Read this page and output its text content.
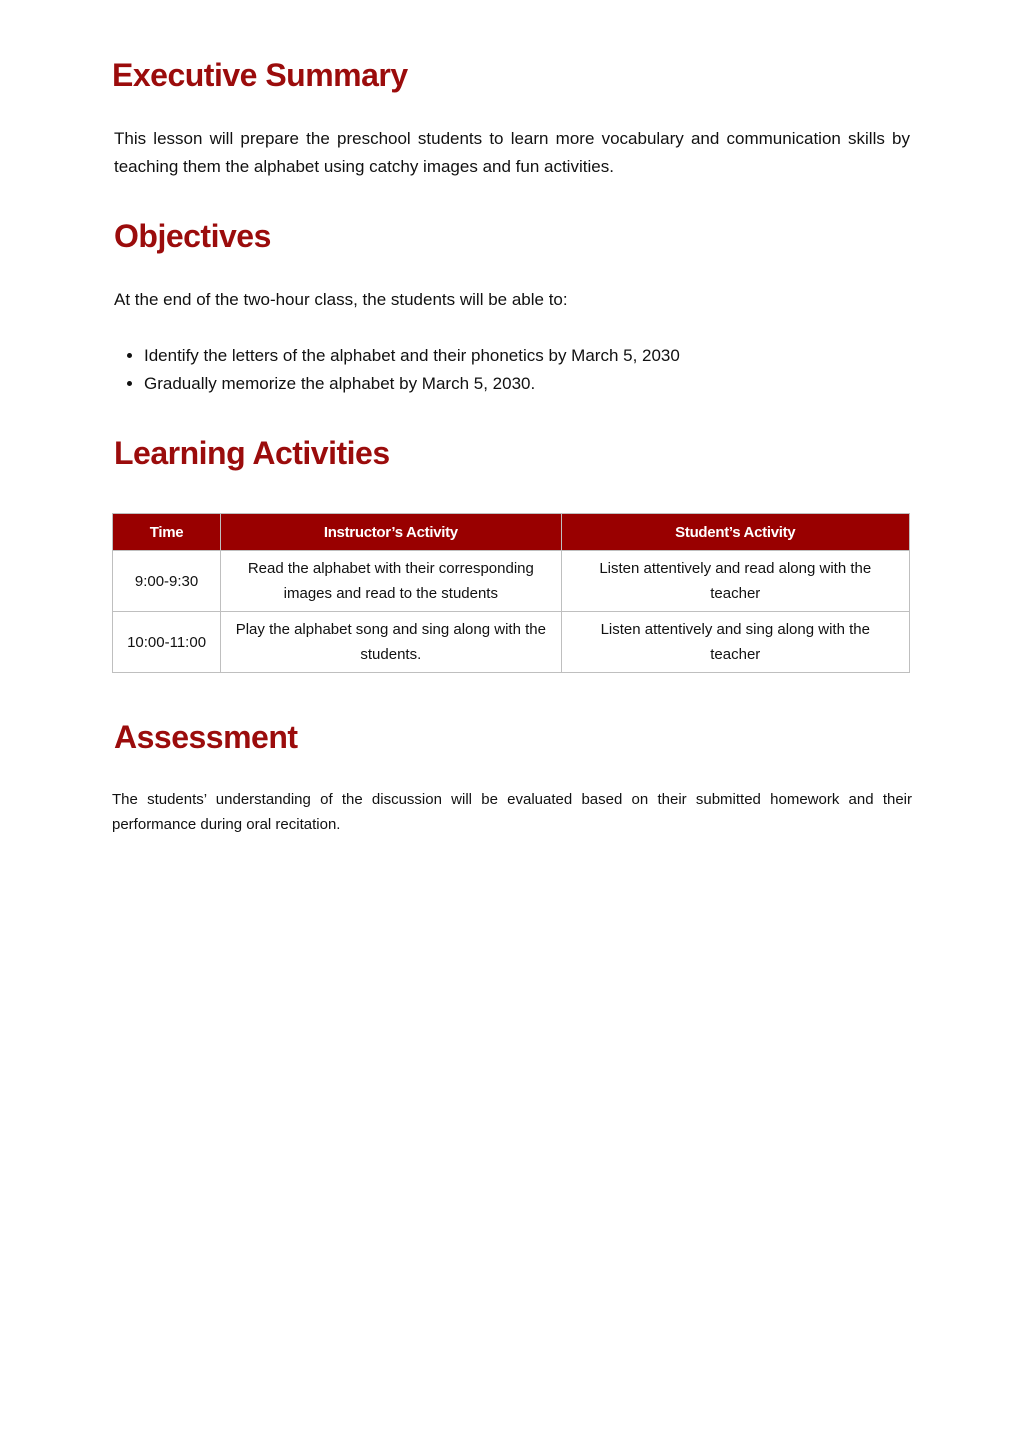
Executive Summary

This lesson will prepare the preschool students to learn more vocabulary and communication skills by teaching them the alphabet using catchy images and fun activities.

Objectives

At the end of the two-hour class, the students will be able to:

• Identify the letters of the alphabet and their phonetics by March 5, 2030
• Gradually memorize the alphabet by March 5, 2030.
Learning Activities
Time	Instructor’s Activity	Student’s Activity
9:00-9:30	Read the alphabet with their corresponding images and read to the students	Listen attentively and read along with the teacher
10:00-11:00	Play the alphabet song and sing along with the students.	Listen attentively and sing along with the teacher
Assessment

The students’ understanding of the discussion will be evaluated based on their submitted homework and their performance during oral recitation.
